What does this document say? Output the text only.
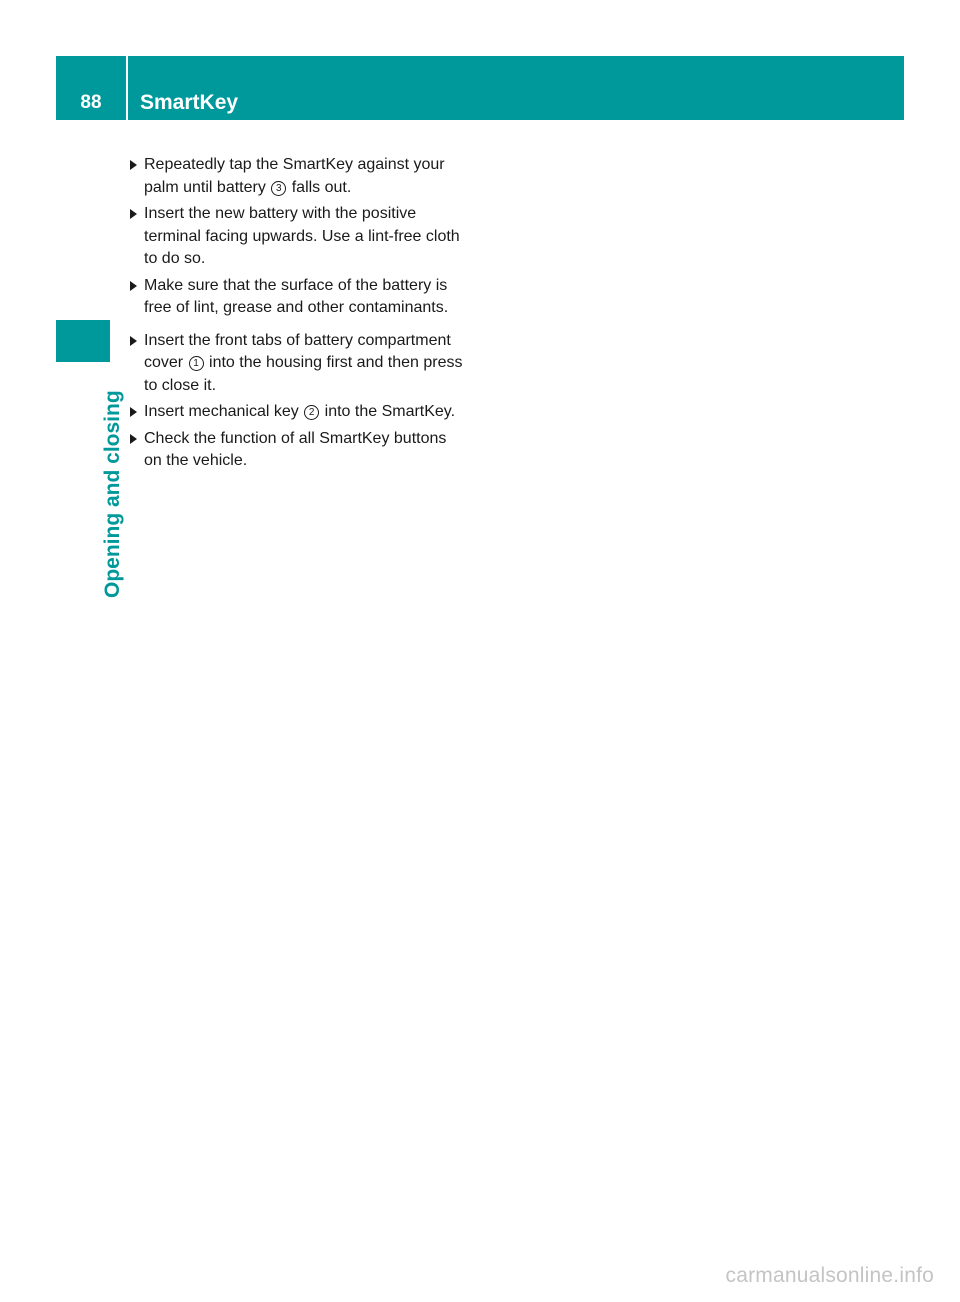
88	SmartKey
Opening and closing
Repeatedly tap the SmartKey against your palm until battery 3 falls out.
Insert the new battery with the positive terminal facing upwards. Use a lint-free cloth to do so.
Make sure that the surface of the battery is free of lint, grease and other contaminants.
Insert the front tabs of battery compartment cover 1 into the housing first and then press to close it.
Insert mechanical key 2 into the SmartKey.
Check the function of all SmartKey buttons on the vehicle.
carmanualsonline.info
